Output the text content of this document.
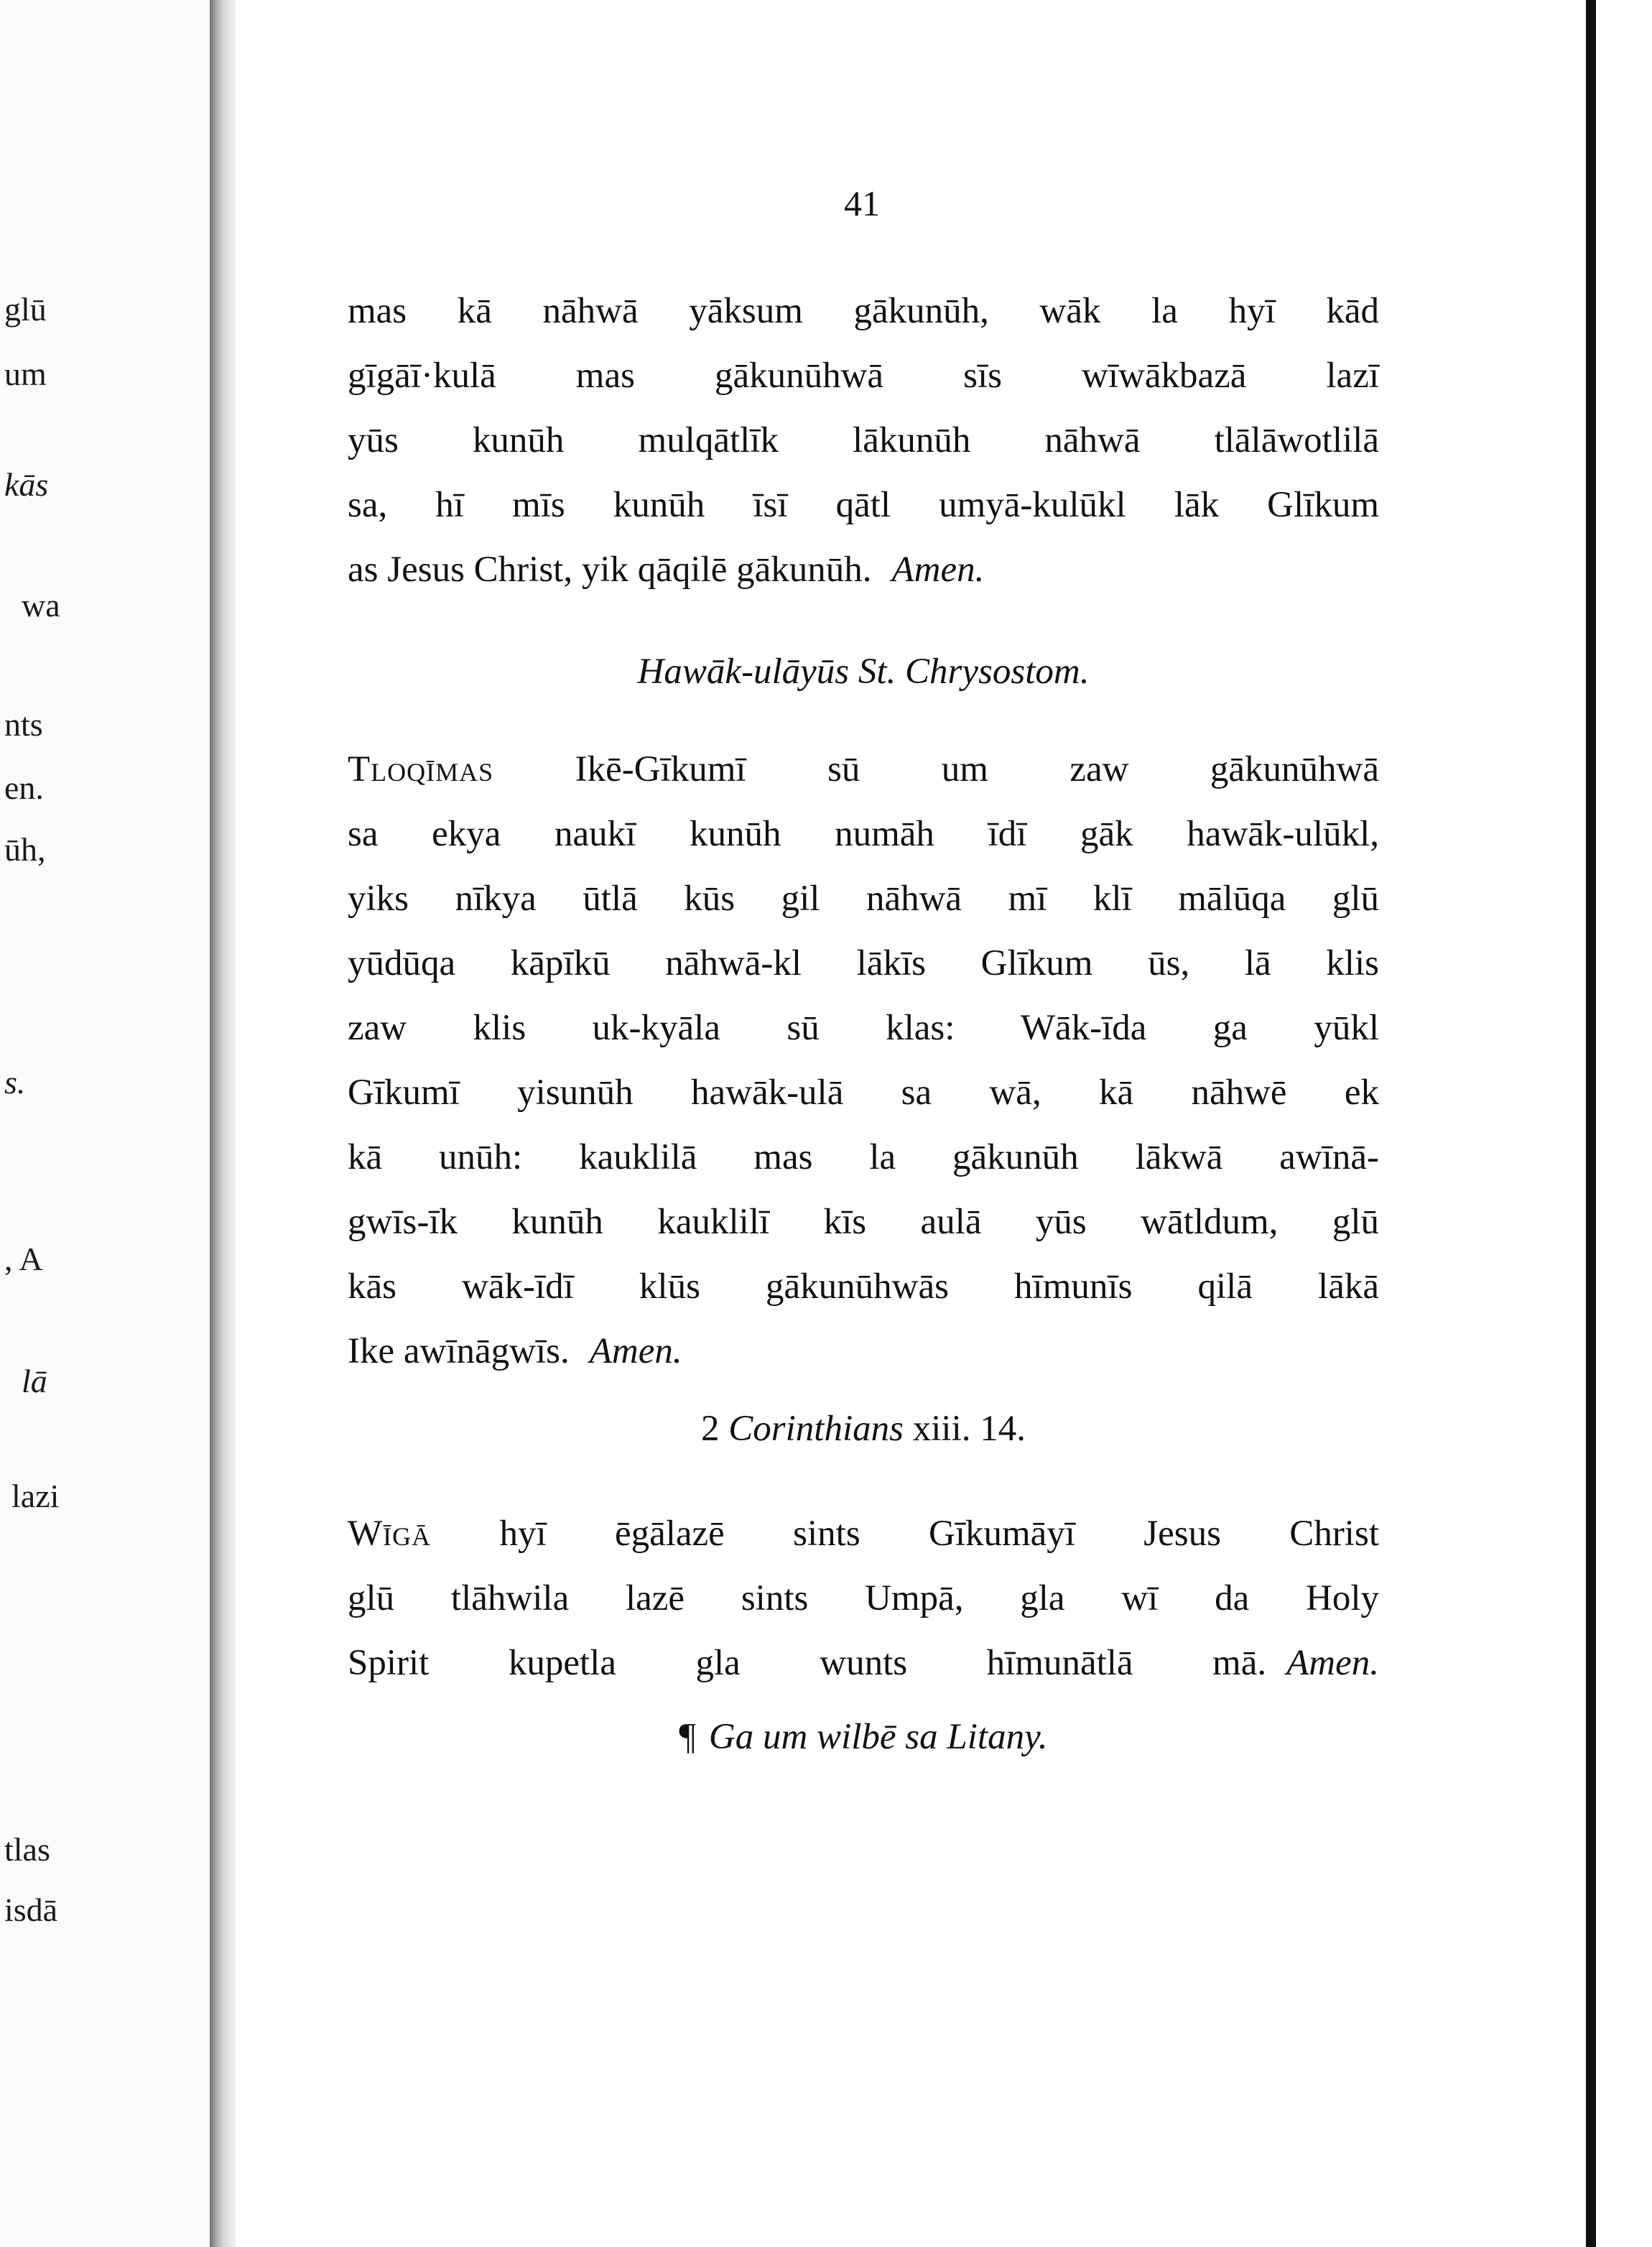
glū
um
kās
wa
nts
en.
ūh,
s.
, A
lā
lazi
tlas
isdā
41
mas kā nāhwā yāksum gākunūh, wāk la hyī kād
gīgāī·kulā mas gākunūhwā sīs wīwākbazā lazī
yūs kunūh mulqātlīk lākunūh nāhwā tlālāwotlilā
sa, hī mīs kunūh īsī qātl umyā-kulūkl lāk Glīkum
as Jesus Christ, yik qāqilē gākunūh. Amen.
Hawāk-ulāyūs St. Chrysostom.
Tloqīmas Ikē-Gīkumī sū um zaw gākunūhwā
sa ekya naukī kunūh numāh īdī gāk hawāk-ulūkl,
yiks nīkya ūtlā kūs gil nāhwā mī klī mālūqa glū
yūdūqa kāpīkū nāhwā-kl lākīs Glīkum ūs, lā klis
zaw klis uk-kyāla sū klas: Wāk-īda ga yūkl
Gīkumī yisunūh hawāk-ulā sa wā, kā nāhwē ek
kā unūh: kauklilā mas la gākunūh lākwā awīnā-
gwīs-īk kunūh kauklilī kīs aulā yūs wātldum, glū
kās wāk-īdī klūs gākunūhwās hīmunīs qilā lākā
Ike awīnāgwīs. Amen.
2 Corinthians xiii. 14.
Wīgā hyī ēgālazē sints Gīkumāyī Jesus Christ
glū tlāhwila lazē sints Umpā, gla wī da Holy
Spirit kupetla gla wunts hīmunātlā mā. Amen.
¶ Ga um wilbē sa Litany.
